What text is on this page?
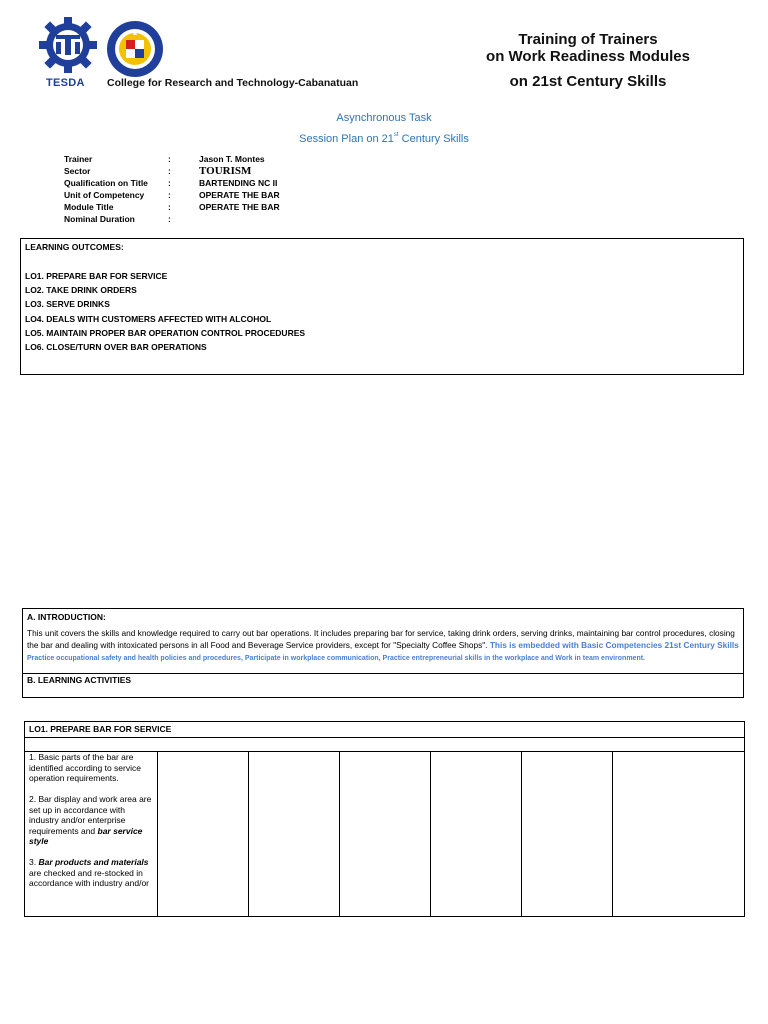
TESDA College for Research and Technology-Cabanatuan
Training of Trainers
on Work Readiness Modules
on 21st Century Skills
Asynchronous Task
Session Plan on 21st Century Skills
Trainer	:	Jason T. Montes
Sector	:	TOURISM
Qualification on Title	:	BARTENDING NC II
Unit of Competency	:	OPERATE THE BAR
Module Title	:	OPERATE THE BAR
Nominal Duration	:
LEARNING OUTCOMES:
LO1. PREPARE BAR FOR SERVICE
LO2. TAKE DRINK ORDERS
LO3. SERVE DRINKS
LO4. DEALS WITH CUSTOMERS AFFECTED WITH ALCOHOL
LO5. MAINTAIN PROPER BAR OPERATION CONTROL PROCEDURES
LO6. CLOSE/TURN OVER BAR OPERATIONS
A. INTRODUCTION:
This unit covers the skills and knowledge required to carry out bar operations. It includes preparing bar for service, taking drink orders, serving drinks, maintaining bar control procedures, closing the bar and dealing with intoxicated persons in all Food and Beverage Service providers, except for "Specialty Coffee Shops". This is embedded with Basic Competencies 21st Century Skills Practice occupational safety and health policies and procedures, Participate in workplace communication, Practice entrepreneurial skills in the workplace and Work in team environment.
B. LEARNING ACTIVITIES
LO1. PREPARE BAR FOR SERVICE

1. Basic parts of the bar are identified according to service operation requirements.

2. Bar display and work area are set up in accordance with industry and/or enterprise requirements and bar service style

3. Bar products and materials are checked and re-stocked in accordance with industry and/or
